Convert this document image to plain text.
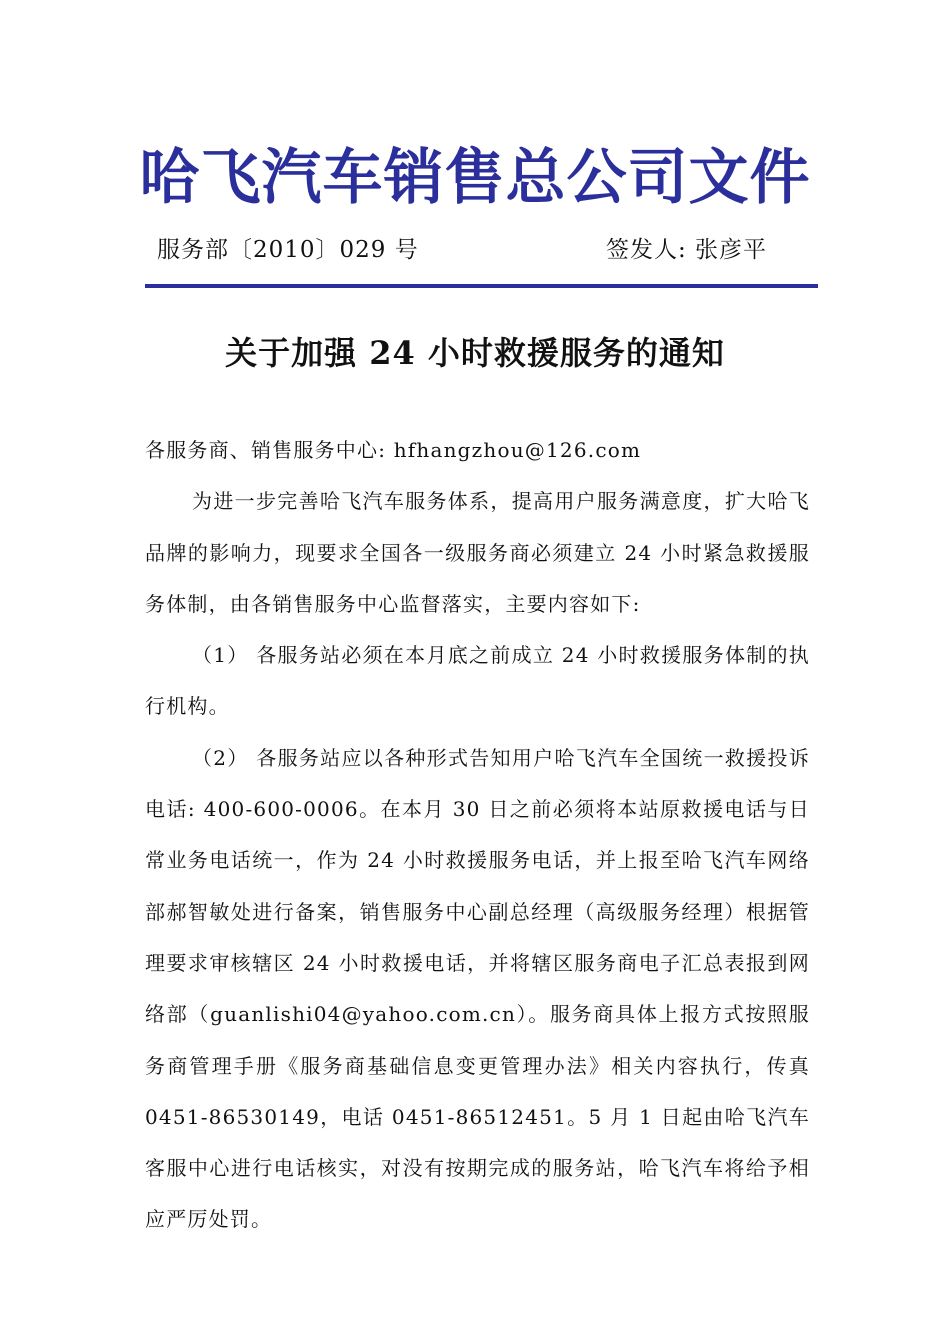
哈飞汽车销售总公司文件
服务部〔2010〕029 号	签发人: 张彦平
关于加强 24 小时救援服务的通知

各服务商、销售服务中心: hfhangzhou@126.com

为进一步完善哈飞汽车服务体系，提高用户服务满意度，扩大哈飞品牌的影响力，现要求全国各一级服务商必须建立 24 小时紧急救援服务体制，由各销售服务中心监督落实，主要内容如下:

（1） 各服务站必须在本月底之前成立 24 小时救援服务体制的执行机构。

（2） 各服务站应以各种形式告知用户哈飞汽车全国统一救援投诉电话: 400-600-0006。在本月 30 日之前必须将本站原救援电话与日常业务电话统一，作为 24 小时救援服务电话，并上报至哈飞汽车网络部郝智敏处进行备案，销售服务中心副总经理（高级服务经理）根据管理要求审核辖区 24 小时救援电话，并将辖区服务商电子汇总表报到网络部（guanlishi04@yahoo.com.cn）。服务商具体上报方式按照服务商管理手册《服务商基础信息变更管理办法》相关内容执行，传真 0451-86530149，电话 0451-86512451。5 月 1 日起由哈飞汽车客服中心进行电话核实，对没有按期完成的服务站，哈飞汽车将给予相应严厉处罚。
